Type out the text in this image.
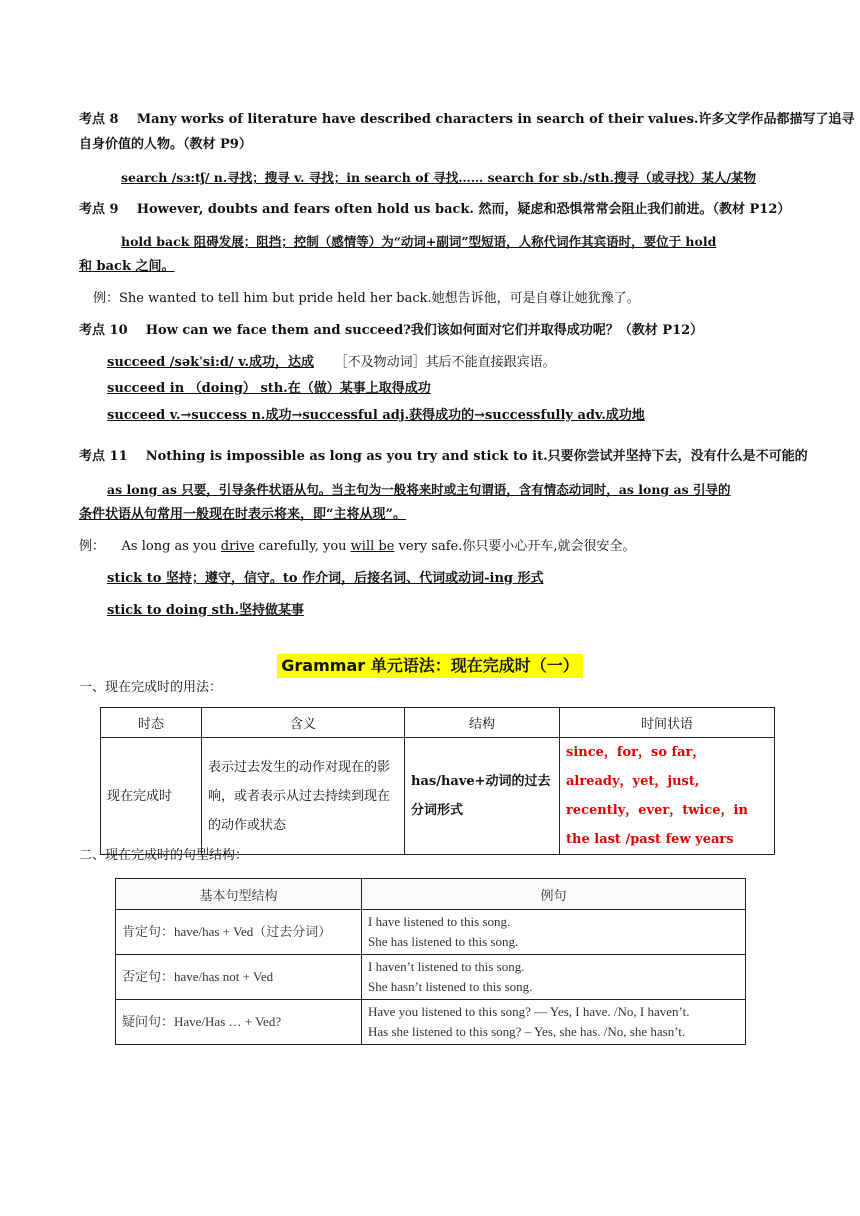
考点 8 Many works of literature have described characters in search of their values.许多文学作品都描写了追寻
自身价值的人物。（教材 P9）
search /sɜ:tʃ/ n.寻找；搜寻 v. 寻找；in search of 寻找…… search for sb./sth.搜寻（或寻找）某人/某物
考点 9 However, doubts and fears often hold us back. 然而，疑虑和恐惧常常会阻止我们前进。（教材 P12）
hold back 阻碍发展；阻挡；控制（感情等）为“动词+副词”型短语，人称代词作其宾语时，要位于 hold
和 back 之间。
例：She wanted to tell him but pride held her back.她想告诉他，可是自尊让她犹豫了。
考点 10 How can we face them and succeed?我们该如何面对它们并取得成功呢？（教材 P12）
succeed /səkˈsi:d/ v.成功，达成 ［不及物动词］其后不能直接跟宾语。
succeed in （doing） sth.在（做）某事上取得成功
succeed v.→success n.成功→successful adj.获得成功的→successfully adv.成功地
考点 11 Nothing is impossible as long as you try and stick to it.只要你尝试并坚持下去，没有什么是不可能的
as long as 只要，引导条件状语从句。当主句为一般将来时或主句谓语，含有情态动词时，as long as 引导的
条件状语从句常用一般现在时表示将来，即“主将从现”。
例： As long as you drive carefully, you will be very safe.你只要小心开车,就会很安全。
stick to 坚持；遵守，信守。to 作介词，后接名词、代词或动词-ing 形式
stick to doing sth.坚持做某事
Grammar 单元语法：现在完成时（一）
一、现在完成时的用法：
时态	含义	结构	时间状语
现在完成时	表示过去发生的动作对现在的影响，或者表示从过去持续到现在的动作或状态	has/have+动词的过去分词形式	since，for，so far，already，yet，just, recently，ever，twice，in the last /past few years
二、现在完成时的句型结构：
基本句型结构	例句
肯定句：have/has + Ved（过去分词）	I have listened to this song.
She has listened to this song.

否定句：have/has not + Ved	I haven’t listened to this song.
She hasn’t listened to this song.

疑问句：Have/Has … + Ved?	Have you listened to this song? — Yes, I have. /No, I haven’t.
Has she listened to this song? – Yes, she has. /No, she hasn’t.
